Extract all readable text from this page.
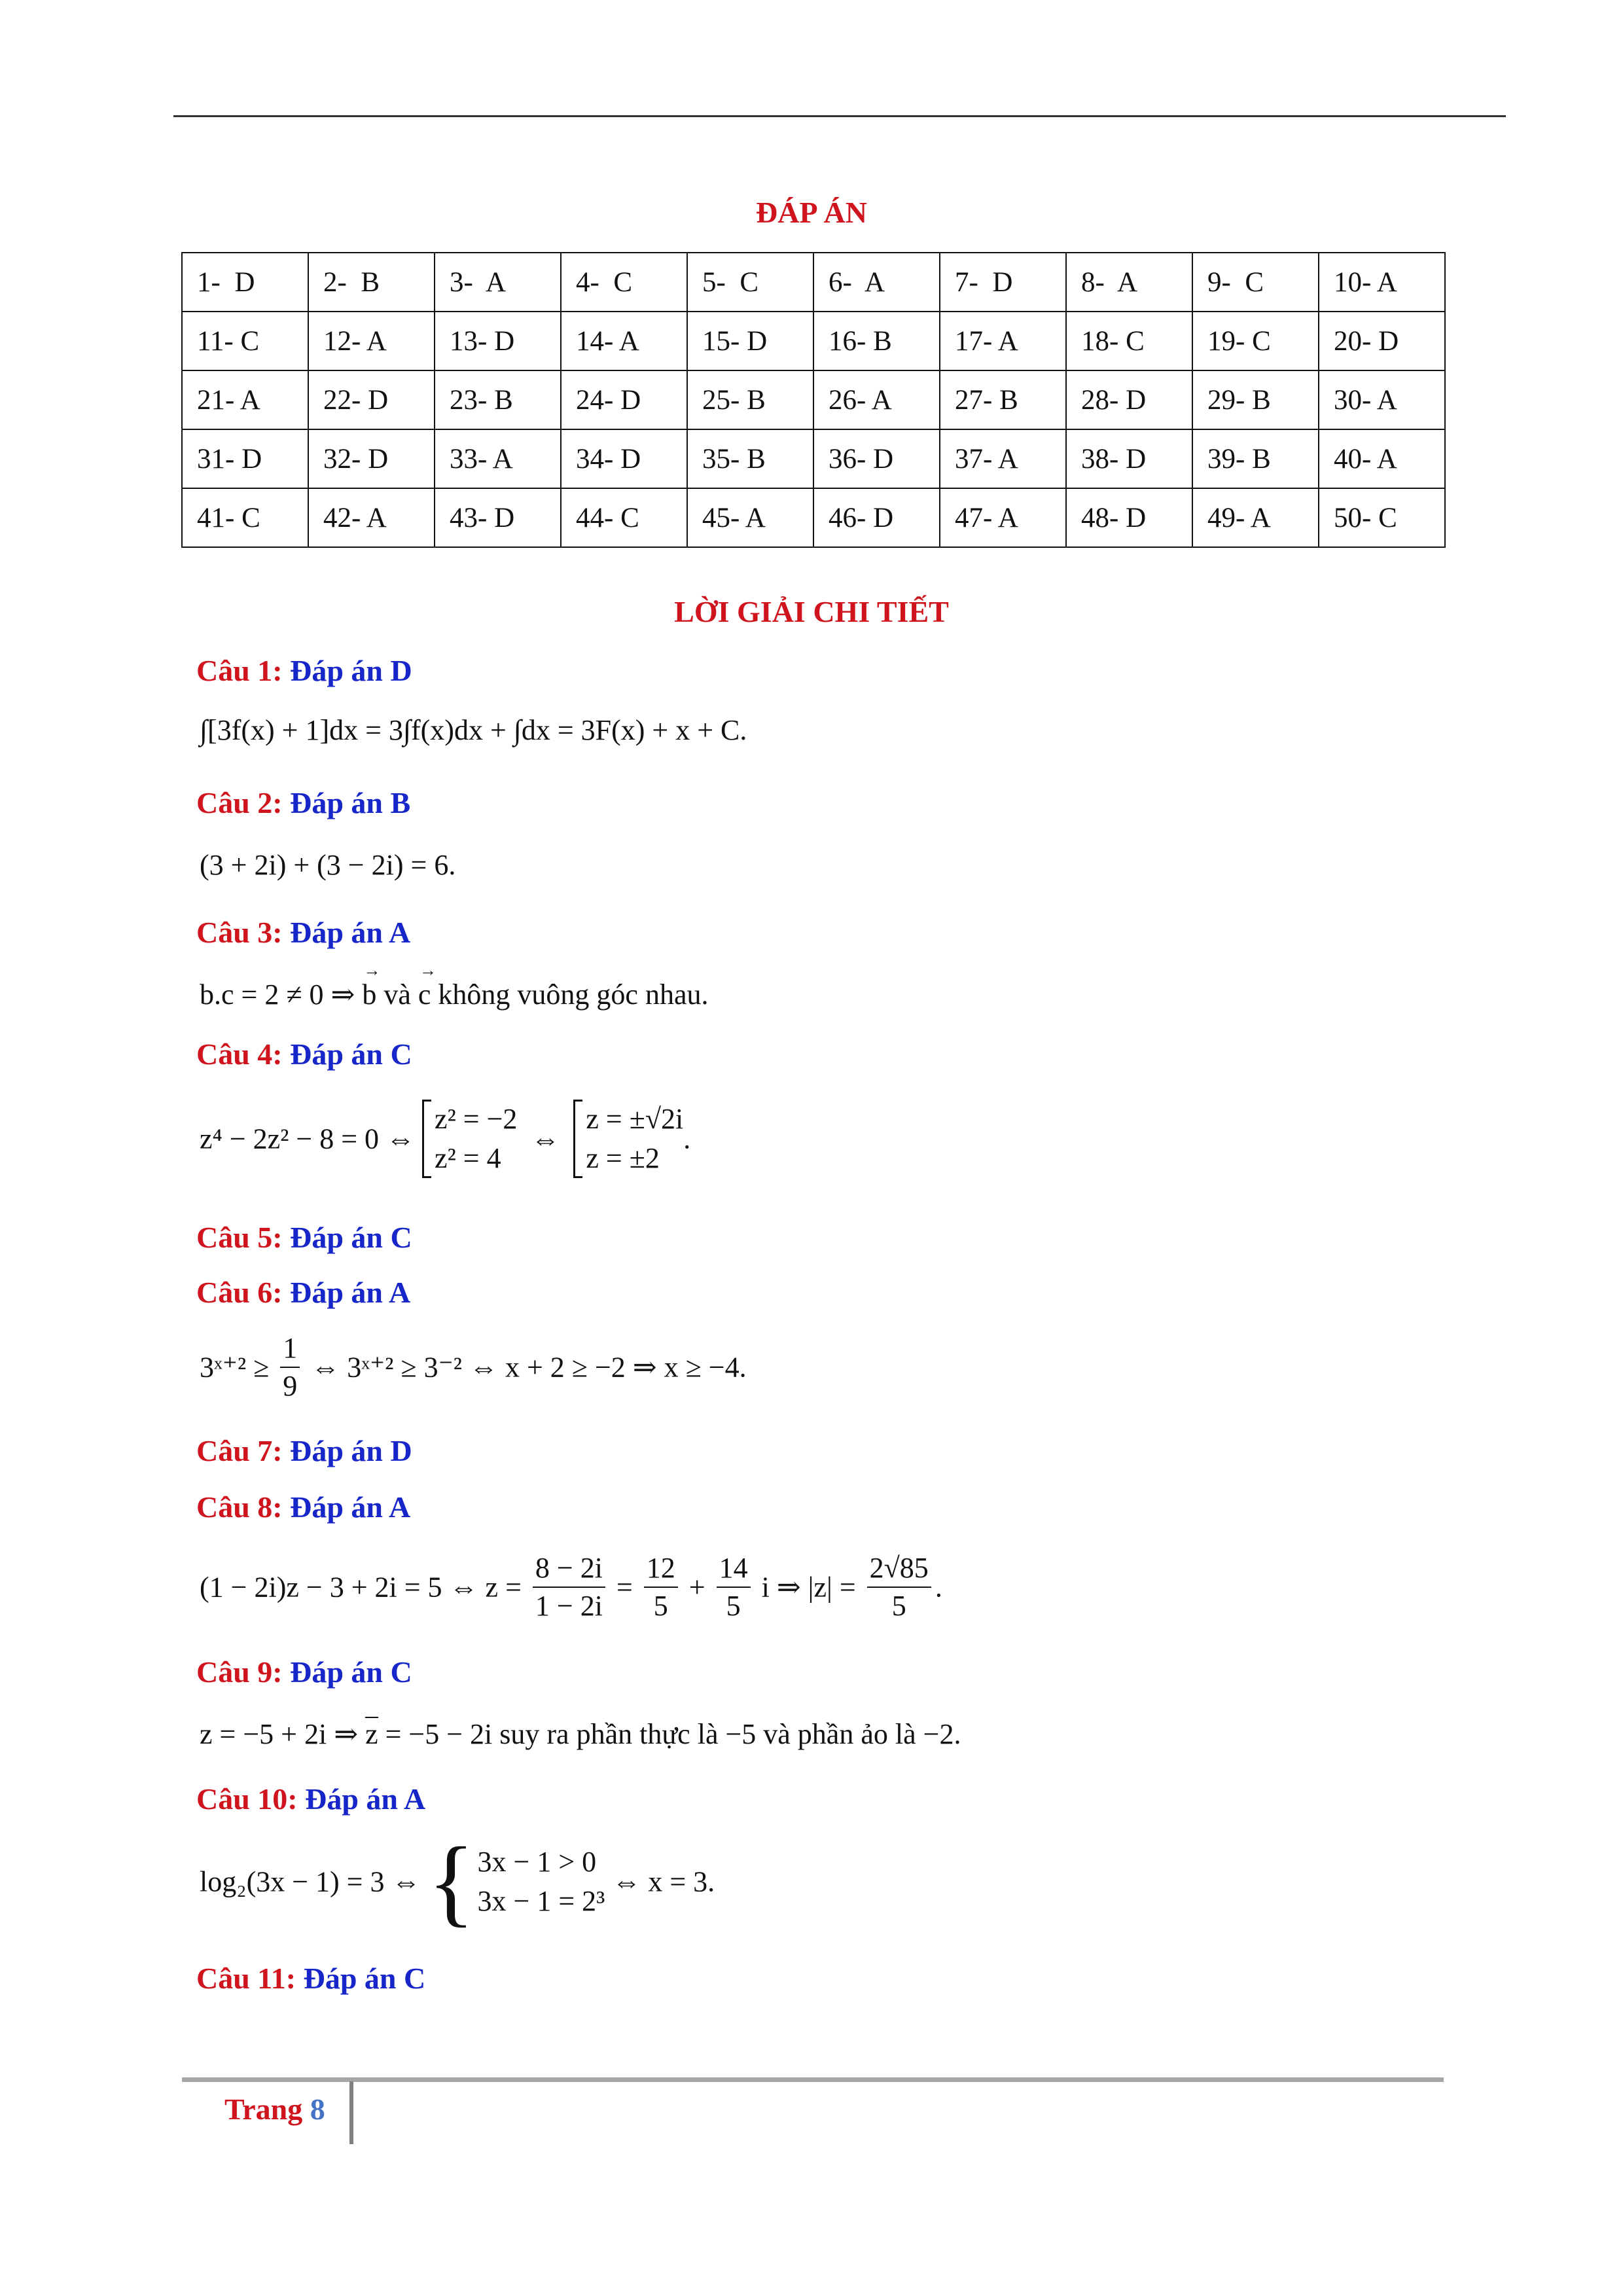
ĐÁP ÁN
1-  D	2-  B	3-  A	4-  C	5-  C	6-  A	7-  D	8-  A	9-  C	10- A
11- C	12- A	13- D	14- A	15- D	16- B	17- A	18- C	19- C	20- D
21- A	22- D	23- B	24- D	25- B	26- A	27- B	28- D	29- B	30- A
31- D	32- D	33- A	34- D	35- B	36- D	37- A	38- D	39- B	40- A
41- C	42- A	43- D	44- C	45- A	46- D	47- A	48- D	49- A	50- C
LỜI GIẢI CHI TIẾT
Câu 1: Đáp án D
∫[3f(x) + 1]dx = 3∫f(x)dx + ∫dx = 3F(x) + x + C.
Câu 2: Đáp án B
(3 + 2i) + (3 − 2i) = 6.
Câu 3: Đáp án A
b.c = 2 ≠ 0 ⇒ → b và → c không vuông góc nhau.
Câu 4: Đáp án C
z⁴ − 2z² − 8 = 0 ⇔ z² = −2
z² = 4 ⇔ z = ±√2i
z = ±2.
Câu 5: Đáp án C
Câu 6: Đáp án A
3ˣ⁺² ≥ $\frac{1}{9}$ ⇔ 3ˣ⁺² ≥ 3⁻² ⇔ x + 2 ≥ −2 ⇒ x ≥ −4.
Câu 7: Đáp án D
Câu 8: Đáp án A
(1 − 2i)z − 3 + 2i = 5 ⇔ $z = \frac{8 - 2i}{1 - 2i} = \frac{12}{5} + \frac{14}{5}$ i ⇒ $|z| = \frac{2√85}{5}$ .
Câu 9: Đáp án C
z = −5 + 2i ⇒ z = −5 − 2i suy ra phần thực là −5 và phần ảo là −2.
Câu 10: Đáp án A
log₂(3x − 1) = 3 ⇔ {3x − 1 > 0
3x − 1 = 2³ ⇔ x = 3.
Câu 11: Đáp án C
Trang 8
